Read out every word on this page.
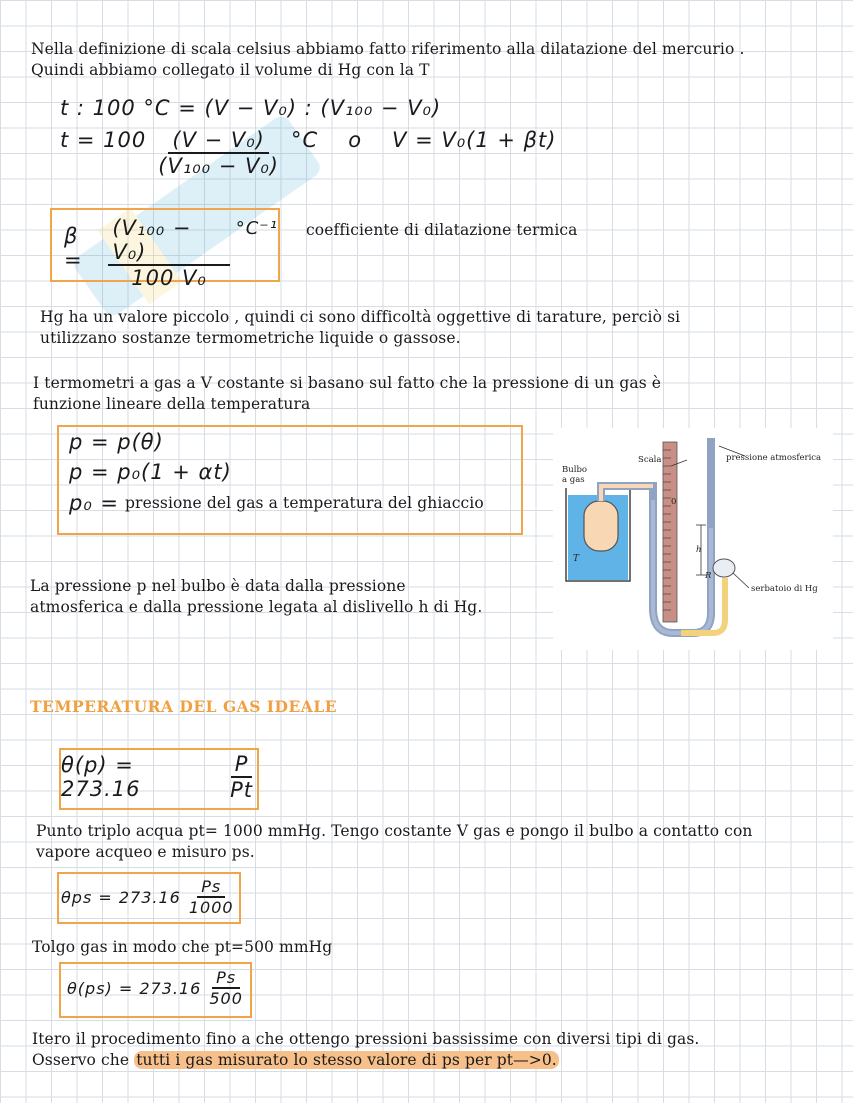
Nella definizione di scala celsius abbiamo fatto riferimento alla dilatazione del mercurio .
Quindi abbiamo collegato il volume di Hg con la T
t : 100 °C = (V − V₀) : (V₁₀₀ − V₀)
$t = 100 \frac{\text{(V − V₀)}}{\text{(V₁₀₀ − V₀)}} ^\circ C$ o V = V₀(1 + βt)
β =	$\frac{\text{(V₁₀₀ − V₀)}}{\text{100 V₀}} ^\circ C^{-1}$ coefficiente di dilatazione termica
Hg ha un valore piccolo , quindi ci sono difficoltà oggettive di tarature, perciò si
utilizzano sostanze termometriche liquide o gassose.
I termometri a gas a V costante si basano sul fatto che la pressione di un gas è
funzione lineare della temperatura
p = p(θ)
p = p₀(1 + αt)
p₀ = pressione del gas a temperatura del ghiaccio
Scala	pressione atmosferica
Bulbo
a gas
0
h
T
R
serbatoio di Hg
La pressione p nel bulbo è data dalla pressione
atmosferica e dalla pressione legata al dislivello h di Hg.
TEMPERATURA DEL GAS IDEALE
θ(p) = 273.16	$\frac{P}{Pt}$
Punto triplo acqua pt= 1000 mmHg. Tengo costante V gas e pongo il bulbo a contatto con
vapore acqueo e misuro ps.
$\theta ps = 273.16 \frac{Ps}{1000}$
Tolgo gas in modo che pt=500 mmHg
$\theta(ps) = 273.16 \frac{Ps}{500}$
Itero il procedimento fino a che ottengo pressioni bassissime con diversi tipi di gas.
Osservo che tutti i gas misurato lo stesso valore di ps per pt—>0.
